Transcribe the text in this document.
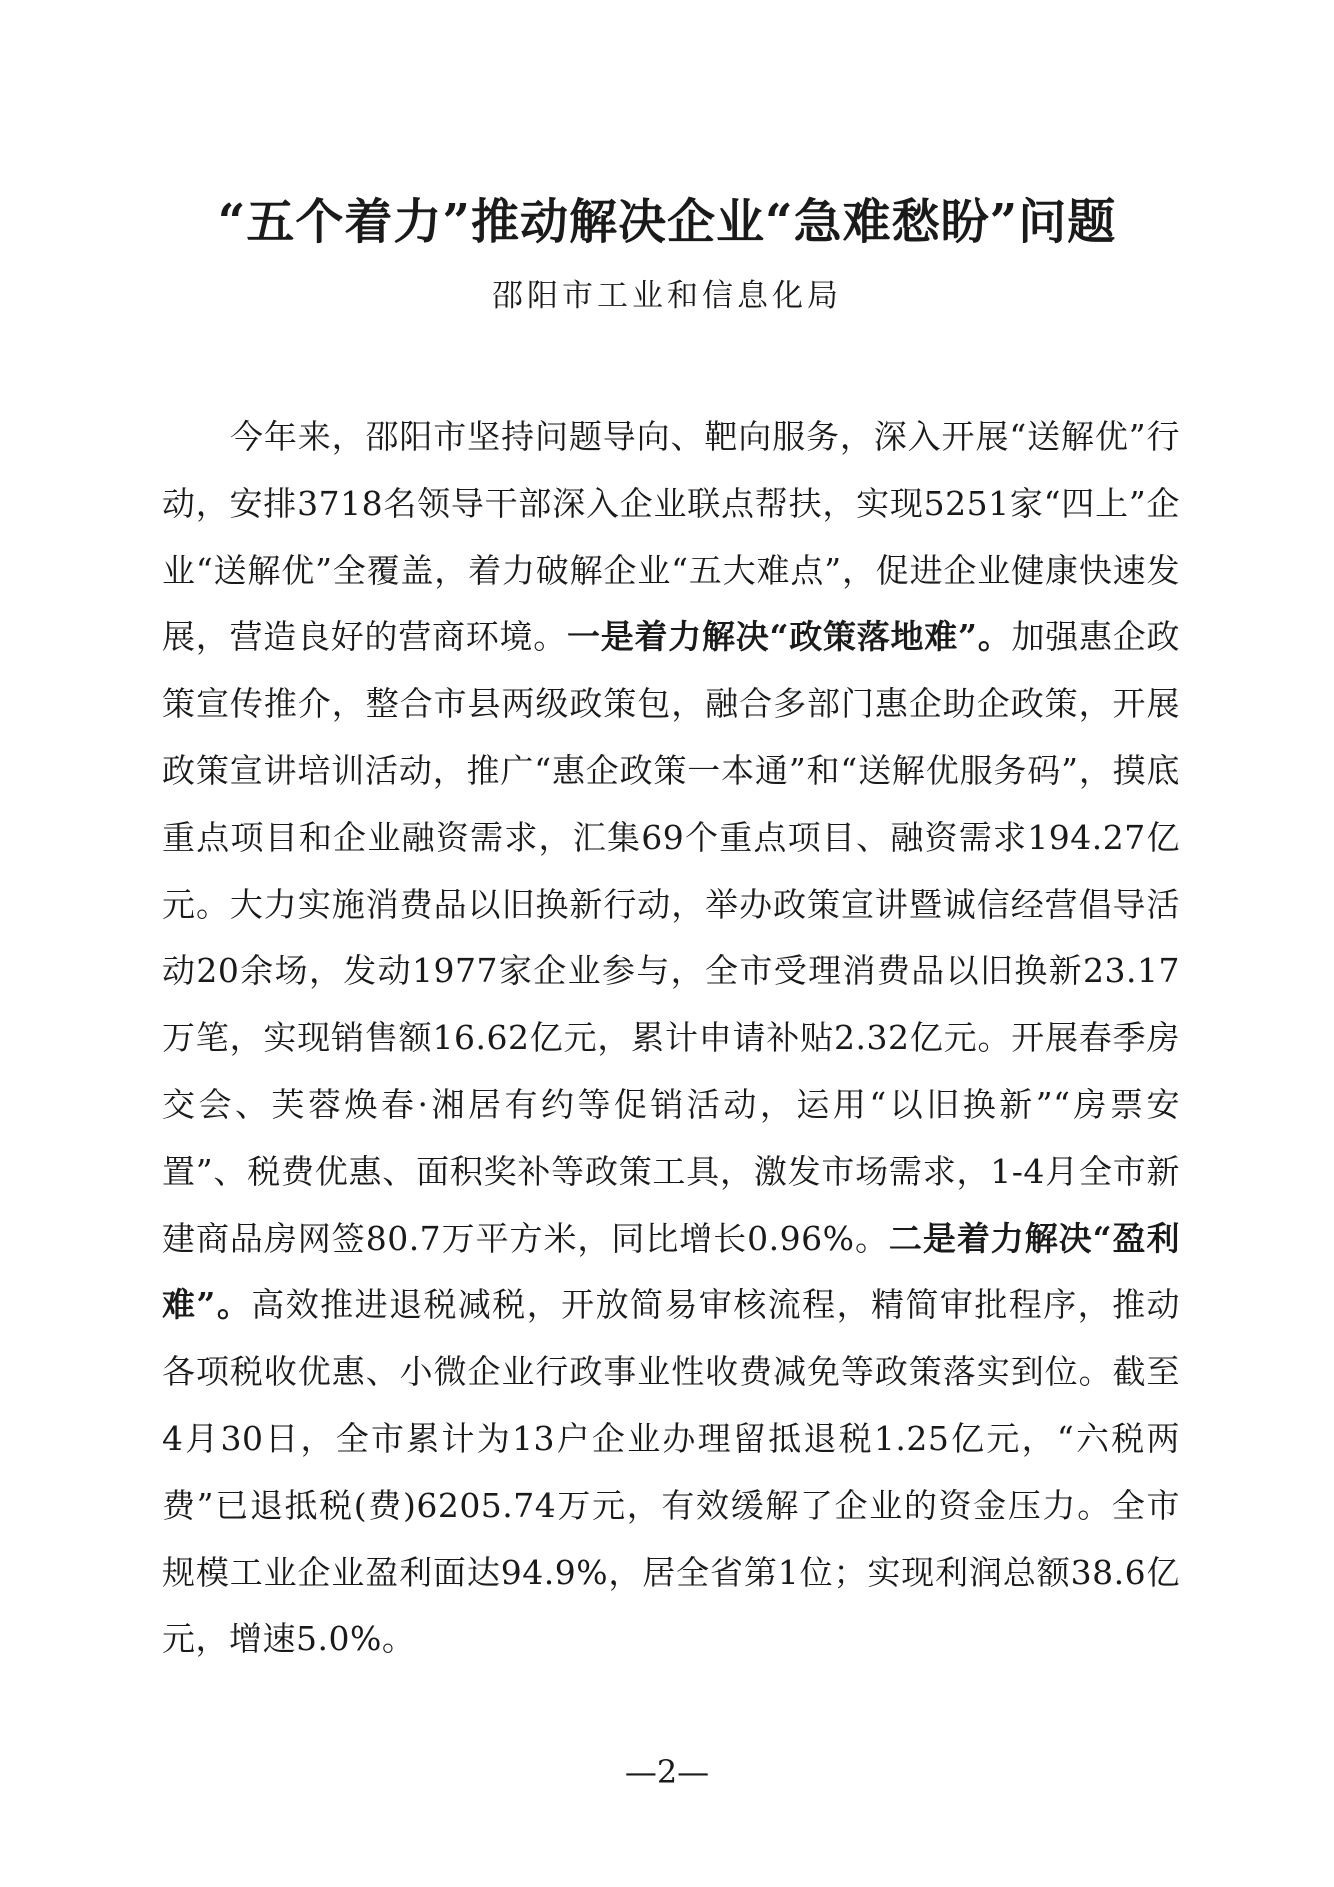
“五个着力”推动解决企业“急难愁盼”问题
邵阳市工业和信息化局
今年来，邵阳市坚持问题导向、靶向服务，深入开展“送解优”行动，安排3718名领导干部深入企业联点帮扶，实现5251家“四上”企业“送解优”全覆盖，着力破解企业“五大难点”，促进企业健康快速发展，营造良好的营商环境。一是着力解决“政策落地难”。加强惠企政策宣传推介，整合市县两级政策包，融合多部门惠企助企政策，开展政策宣讲培训活动，推广“惠企政策一本通”和“送解优服务码”，摸底重点项目和企业融资需求，汇集69个重点项目、融资需求194.27亿元。大力实施消费品以旧换新行动，举办政策宣讲暨诚信经营倡导活动20余场，发动1977家企业参与，全市受理消费品以旧换新23.17万笔，实现销售额16.62亿元，累计申请补贴2.32亿元。开展春季房交会、芙蓉焕春·湘居有约等促销活动，运用“以旧换新”“房票安置”、税费优惠、面积奖补等政策工具，激发市场需求，1-4月全市新建商品房网签80.7万平方米，同比增长0.96%。二是着力解决“盈利难”。高效推进退税减税，开放简易审核流程，精简审批程序，推动各项税收优惠、小微企业行政事业性收费减免等政策落实到位。截至4月30日，全市累计为13户企业办理留抵退税1.25亿元，“六税两费”已退抵税(费)6205.74万元，有效缓解了企业的资金压力。全市规模工业企业盈利面达94.9%，居全省第1位；实现利润总额38.6亿元，增速5.0%。
—2—
